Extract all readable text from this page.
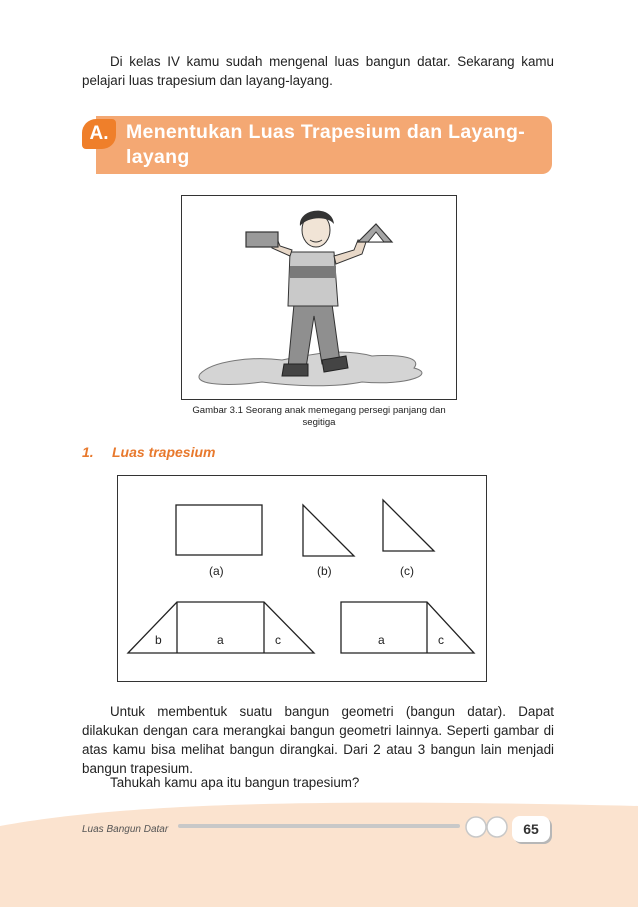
Di kelas IV kamu sudah mengenal luas bangun datar. Sekarang kamu pelajari luas trapesium dan layang-layang.

A. Menentukan Luas Trapesium dan Layang-layang
Gambar 3.1 Seorang anak memegang persegi panjang dan segitiga
1. Luas trapesium
(a)	(b)	(c)
b	a	c	a	c

Untuk membentuk suatu bangun geometri (bangun datar). Dapat dilakukan dengan cara merangkai bangun geometri lainnya. Seperti gambar di atas kamu bisa melihat bangun dirangkai. Dari 2 atau 3 bangun lain menjadi bangun trapesium.

Tahukah kamu apa itu bangun trapesium?

Luas Bangun Datar	65
